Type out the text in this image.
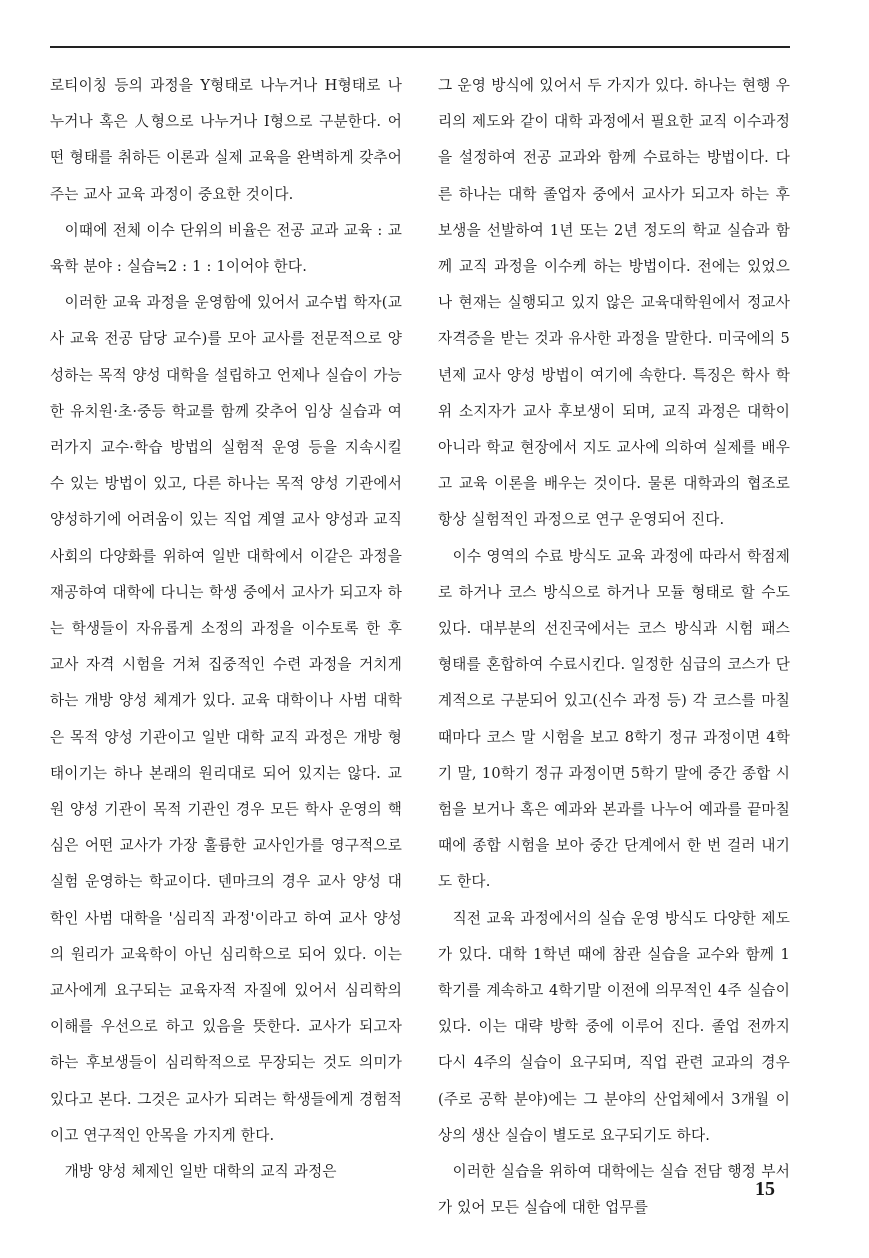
로티이칭 등의 과정을 Y형태로 나누거나 H형태로 나누거나 혹은 人형으로 나누거나 I형으로 구분한다. 어떤 형태를 취하든 이론과 실제 교육을 완벽하게 갖추어 주는 교사 교육 과정이 중요한 것이다.

이때에 전체 이수 단위의 비율은 전공 교과 교육 : 교육학 분야 : 실습≒2 : 1 : 1이어야 한다.

이러한 교육 과정을 운영함에 있어서 교수법 학자(교사 교육 전공 담당 교수)를 모아 교사를 전문적으로 양성하는 목적 양성 대학을 설립하고 언제나 실습이 가능한 유치원·초·중등 학교를 함께 갖추어 임상 실습과 여러가지 교수·학습 방법의 실험적 운영 등을 지속시킬 수 있는 방법이 있고, 다른 하나는 목적 양성 기관에서 양성하기에 어려움이 있는 직업 계열 교사 양성과 교직 사회의 다양화를 위하여 일반 대학에서 이같은 과정을 재공하여 대학에 다니는 학생 중에서 교사가 되고자 하는 학생들이 자유롭게 소정의 과정을 이수토록 한 후 교사 자격 시험을 거쳐 집중적인 수련 과정을 거치게 하는 개방 양성 체계가 있다. 교육 대학이나 사범 대학은 목적 양성 기관이고 일반 대학 교직 과정은 개방 형태이기는 하나 본래의 원리대로 되어 있지는 않다. 교원 양성 기관이 목적 기관인 경우 모든 학사 운영의 핵심은 어떤 교사가 가장 훌륭한 교사인가를 영구적으로 실험 운영하는 학교이다. 덴마크의 경우 교사 양성 대학인 사범 대학을 '심리직 과정'이라고 하여 교사 양성의 원리가 교육학이 아닌 심리학으로 되어 있다. 이는 교사에게 요구되는 교육자적 자질에 있어서 심리학의 이해를 우선으로 하고 있음을 뜻한다. 교사가 되고자 하는 후보생들이 심리학적으로 무장되는 것도 의미가 있다고 본다. 그것은 교사가 되려는 학생들에게 경험적이고 연구적인 안목을 가지게 한다.

개방 양성 체제인 일반 대학의 교직 과정은

그 운영 방식에 있어서 두 가지가 있다. 하나는 현행 우리의 제도와 같이 대학 과정에서 필요한 교직 이수과정을 설정하여 전공 교과와 함께 수료하는 방법이다. 다른 하나는 대학 졸업자 중에서 교사가 되고자 하는 후보생을 선발하여 1년 또는 2년 정도의 학교 실습과 함께 교직 과정을 이수케 하는 방법이다. 전에는 있었으나 현재는 실행되고 있지 않은 교육대학원에서 정교사 자격증을 받는 것과 유사한 과정을 말한다. 미국에의 5년제 교사 양성 방법이 여기에 속한다. 특징은 학사 학위 소지자가 교사 후보생이 되며, 교직 과정은 대학이 아니라 학교 현장에서 지도 교사에 의하여 실제를 배우고 교육 이론을 배우는 것이다. 물론 대학과의 협조로 항상 실험적인 과정으로 연구 운영되어 진다.

이수 영역의 수료 방식도 교육 과정에 따라서 학점제로 하거나 코스 방식으로 하거나 모듈 형태로 할 수도 있다. 대부분의 선진국에서는 코스 방식과 시험 패스 형태를 혼합하여 수료시킨다. 일정한 심급의 코스가 단계적으로 구분되어 있고(신수 과정 등) 각 코스를 마칠 때마다 코스 말 시험을 보고 8학기 정규 과정이면 4학기 말, 10학기 정규 과정이면 5학기 말에 중간 종합 시험을 보거나 혹은 예과와 본과를 나누어 예과를 끝마칠 때에 종합 시험을 보아 중간 단계에서 한 번 걸러 내기도 한다.

직전 교육 과정에서의 실습 운영 방식도 다양한 제도가 있다. 대학 1학년 때에 참관 실습을 교수와 함께 1학기를 계속하고 4학기말 이전에 의무적인 4주 실습이 있다. 이는 대략 방학 중에 이루어 진다. 졸업 전까지 다시 4주의 실습이 요구되며, 직업 관련 교과의 경우(주로 공학 분야)에는 그 분야의 산업체에서 3개월 이상의 생산 실습이 별도로 요구되기도 하다.

이러한 실습을 위하여 대학에는 실습 전담 행정 부서가 있어 모든 실습에 대한 업무를

15
